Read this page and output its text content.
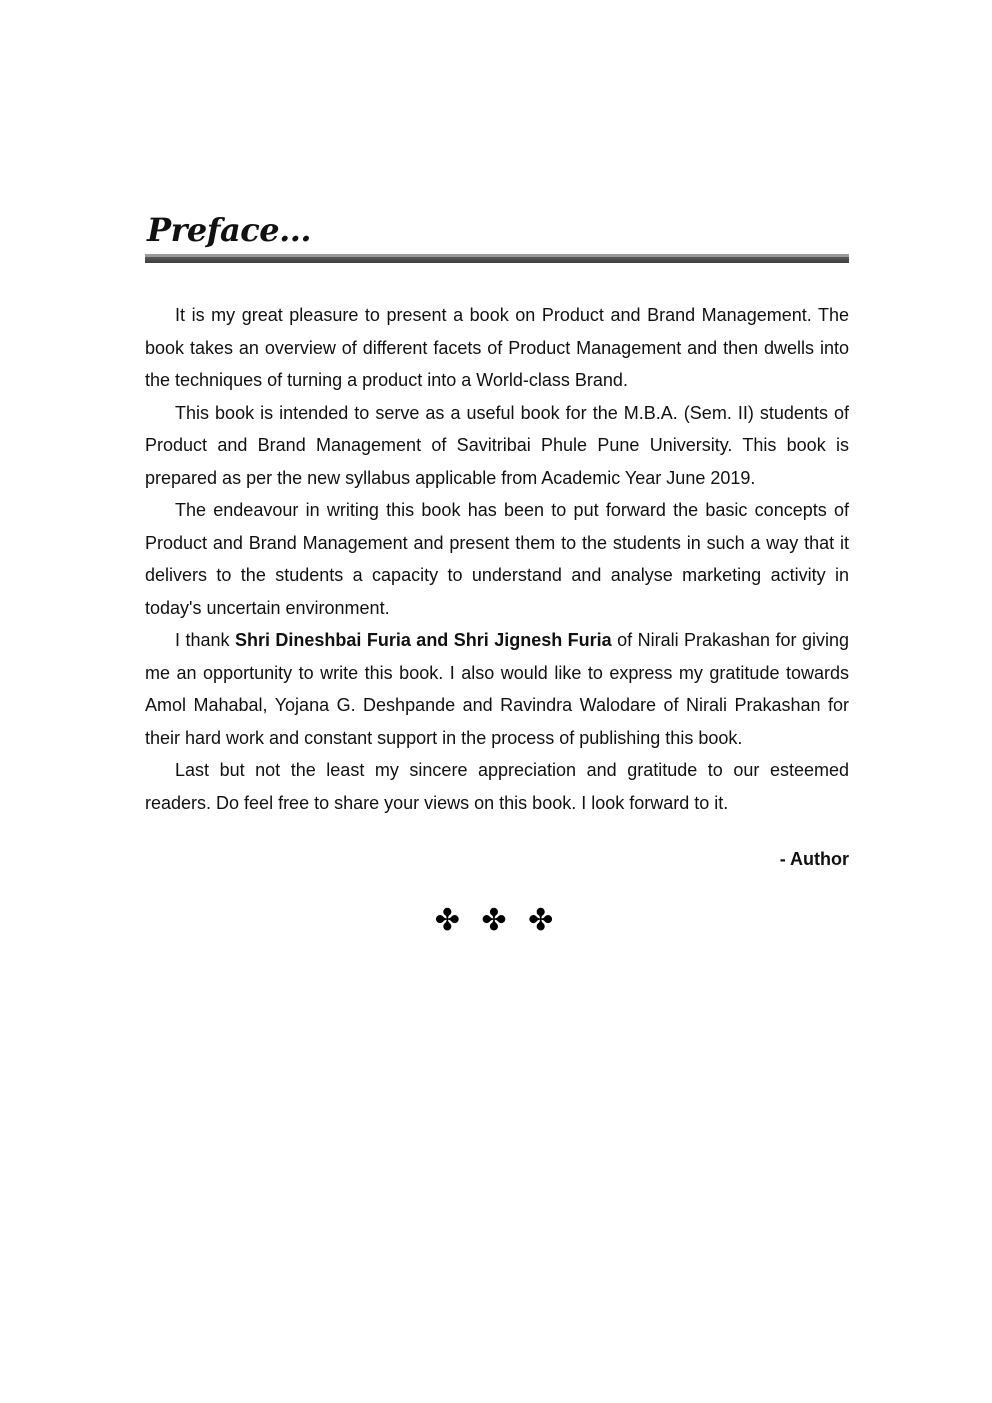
Preface...

It is my great pleasure to present a book on Product and Brand Management. The book takes an overview of different facets of Product Management and then dwells into the techniques of turning a product into a World-class Brand.

This book is intended to serve as a useful book for the M.B.A. (Sem. II) students of Product and Brand Management of Savitribai Phule Pune University. This book is prepared as per the new syllabus applicable from Academic Year June 2019.

The endeavour in writing this book has been to put forward the basic concepts of Product and Brand Management and present them to the students in such a way that it delivers to the students a capacity to understand and analyse marketing activity in today's uncertain environment.

I thank Shri Dineshbai Furia and Shri Jignesh Furia of Nirali Prakashan for giving me an opportunity to write this book. I also would like to express my gratitude towards Amol Mahabal, Yojana G. Deshpande and Ravindra Walodare of Nirali Prakashan for their hard work and constant support in the process of publishing this book.

Last but not the least my sincere appreciation and gratitude to our esteemed readers. Do feel free to share your views on this book. I look forward to it.

- Author
✤ ✤ ✤
